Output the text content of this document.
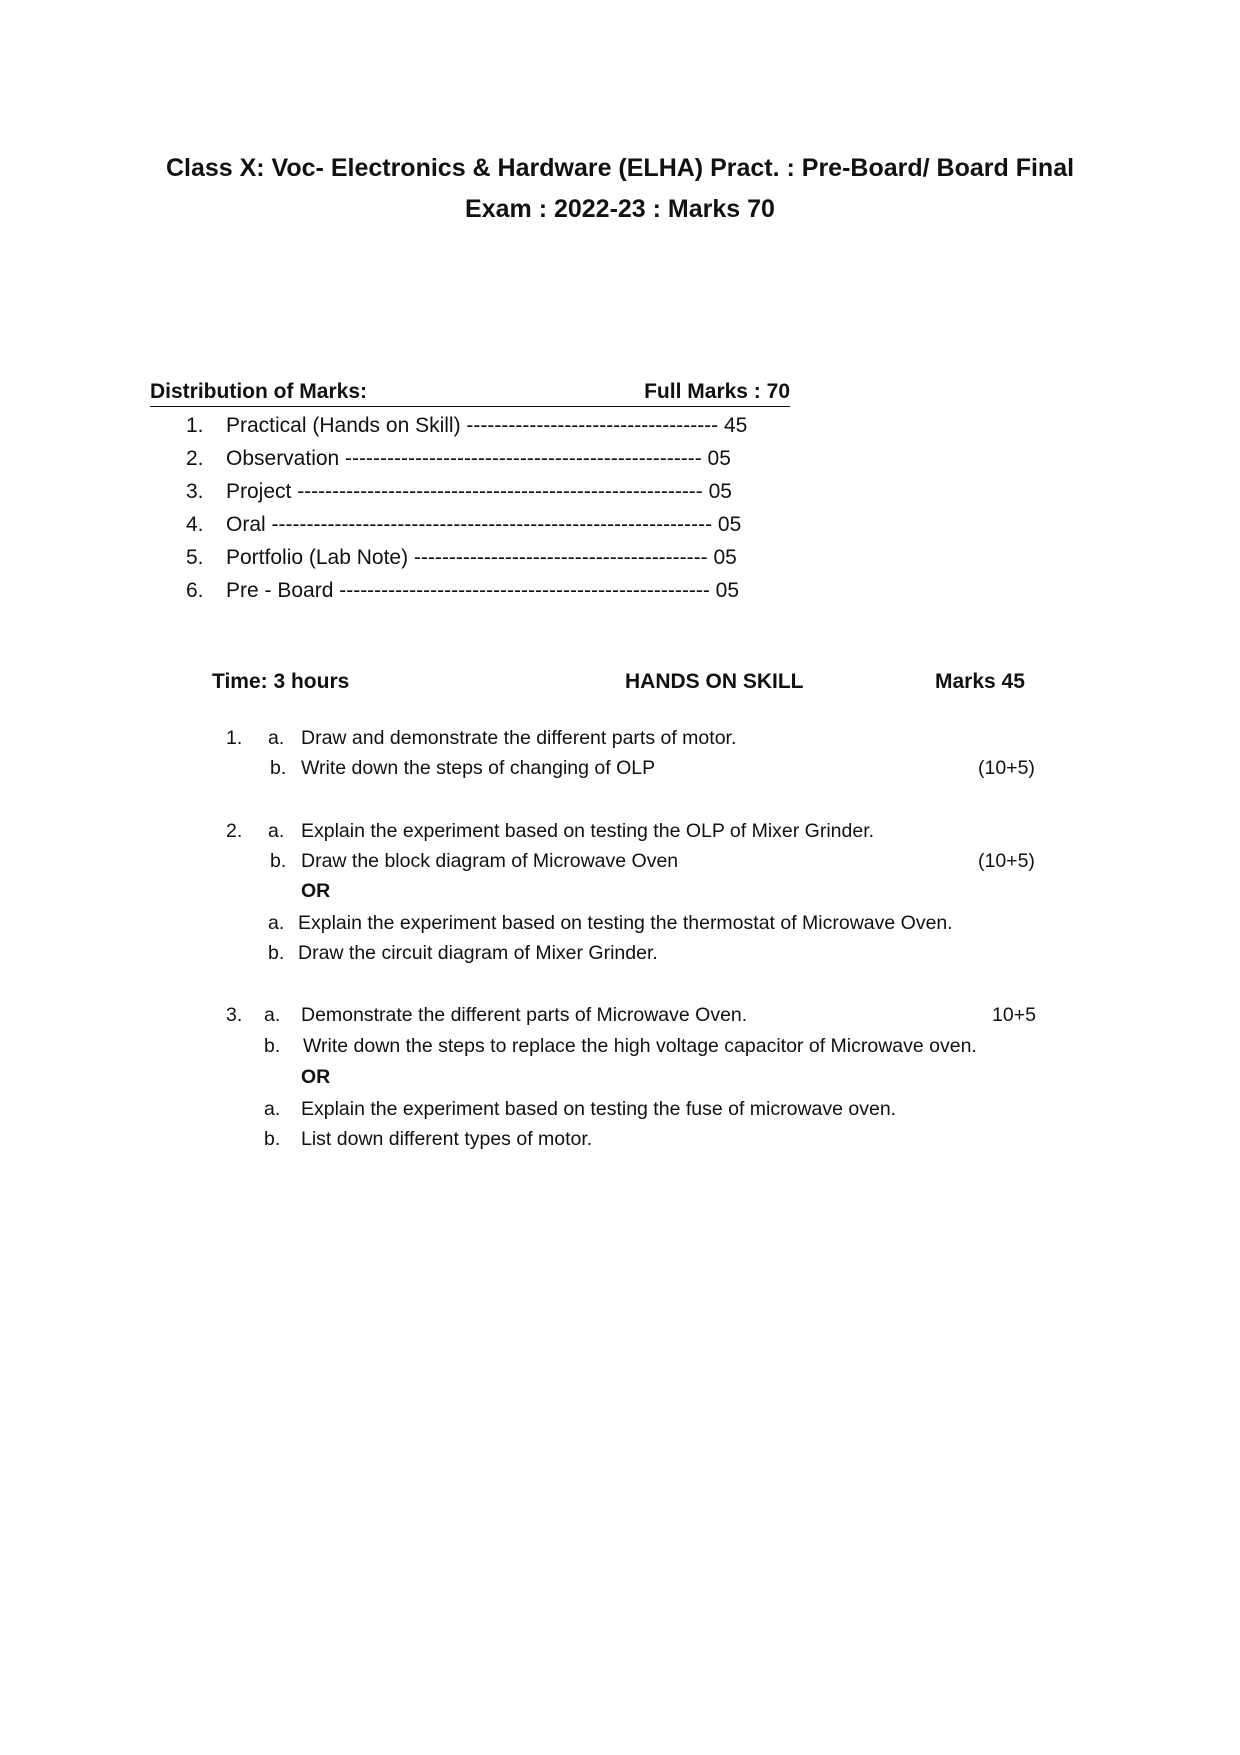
Class X: Voc- Electronics & Hardware (ELHA) Pract. : Pre-Board/ Board Final
Exam : 2022-23 : Marks 70
Distribution of Marks:	Full Marks : 70
1. Practical (Hands on Skill) ------------------------------------ 45
2. Observation --------------------------------------------------- 05
3. Project ---------------------------------------------------------- 05
4. Oral --------------------------------------------------------------- 05
5. Portfolio (Lab Note) ------------------------------------------ 05
6. Pre - Board ----------------------------------------------------- 05
Time: 3 hours	HANDS ON SKILL	Marks 45
1. a. Draw and demonstrate the different parts of motor.
b. Write down the steps of changing of OLP	(10+5)
2. a. Explain the experiment based on testing the OLP of Mixer Grinder.
b. Draw the block diagram of Microwave Oven	(10+5)
OR
a. Explain the experiment based on testing the thermostat of Microwave Oven.
b. Draw the circuit diagram of Mixer Grinder.
3. a. Demonstrate the different parts of Microwave Oven.	10+5
b. Write down the steps to replace the high voltage capacitor of Microwave oven.
OR
a. Explain the experiment based on testing the fuse of microwave oven.
b. List down different types of motor.
